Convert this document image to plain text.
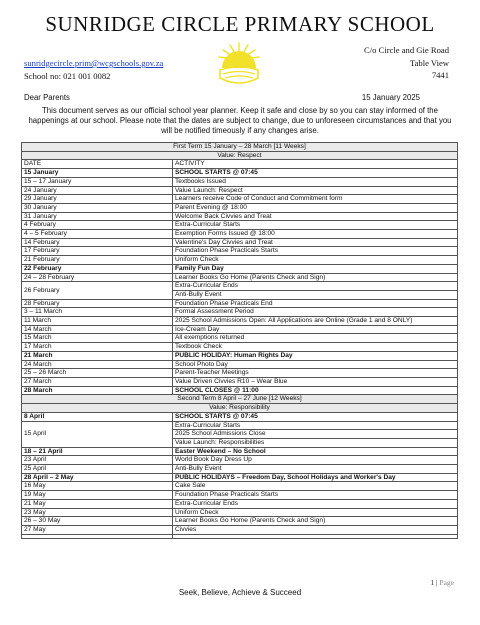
SUNRIDGE CIRCLE PRIMARY SCHOOL
C/o Circle and Gie Road
Table View
7441
sunridgecircle.prim@wcgschools.gov.za
School no: 021 001 0082
Dear Parents	15 January 2025
This document serves as our official school year planner. Keep it safe and close by so you can stay informed of the happenings at our school. Please note that the dates are subject to change, due to unforeseen circumstances and that you will be notified timeously if any changes arise.
First Term 15 January – 28 March [11 Weeks]	
Value: Respect	
DATE	ACTIVITY
15 January	SCHOOL STARTS @ 07:45
15 – 17 January	Textbooks Issued
24 January	Value Launch: Respect
29 January	Learners receive Code of Conduct and Commitment form
30 January	Parent Evening @ 18:00
31 January	Welcome Back Civvies and Treat
4 February	Extra-Curricular Starts
4 – 5 February	Exemption Forms Issued @ 18:00
14 February	Valentine's Day Civvies and Treat
17 February	Foundation Phase Practicals Starts
21 February	Uniform Check
22 February	Family Fun Day
24 – 28 February	Learner Books Go Home (Parents Check and Sign)
26 February	Extra-Curricular Ends
	Anti-Bully Event
28 February	Foundation Phase Practicals End
3 – 11 March	Formal Assessment Period
11 March	2025 School Admissions Open: All Applications are Online (Grade 1 and 8 ONLY)
14 March	Ice-Cream Day
15 March	All exemptions returned
17 March	Textbook Check
21 March	PUBLIC HOLIDAY: Human Rights Day
24 March	School Photo Day
25 – 26 March	Parent-Teacher Meetings
27 March	Value Driven Civvies R10 – Wear Blue
28 March	SCHOOL CLOSES @ 11:00
Second Term 8 April – 27 June [12 Weeks]	
Value: Responsibility	
8 April	SCHOOL STARTS @ 07:45
15 April	Extra-Curricular Starts
	2025 School Admissions Close
	Value Launch: Responsibilities
18 – 21 April	Easter Weekend – No School
23 April	World Book Day Dress Up
25 April	Anti-Bully Event
28 April – 2 May	PUBLIC HOLIDAYS – Freedom Day, School Holidays and Worker's Day
16 May	Cake Sale
19 May	Foundation Phase Practicals Starts
21 May	Extra-Curricular Ends
23 May	Uniform Check
26 – 30 May	Learner Books Go Home (Parents Check and Sign)
27 May	Civvies

1 | Page
Seek, Believe, Achieve & Succeed
